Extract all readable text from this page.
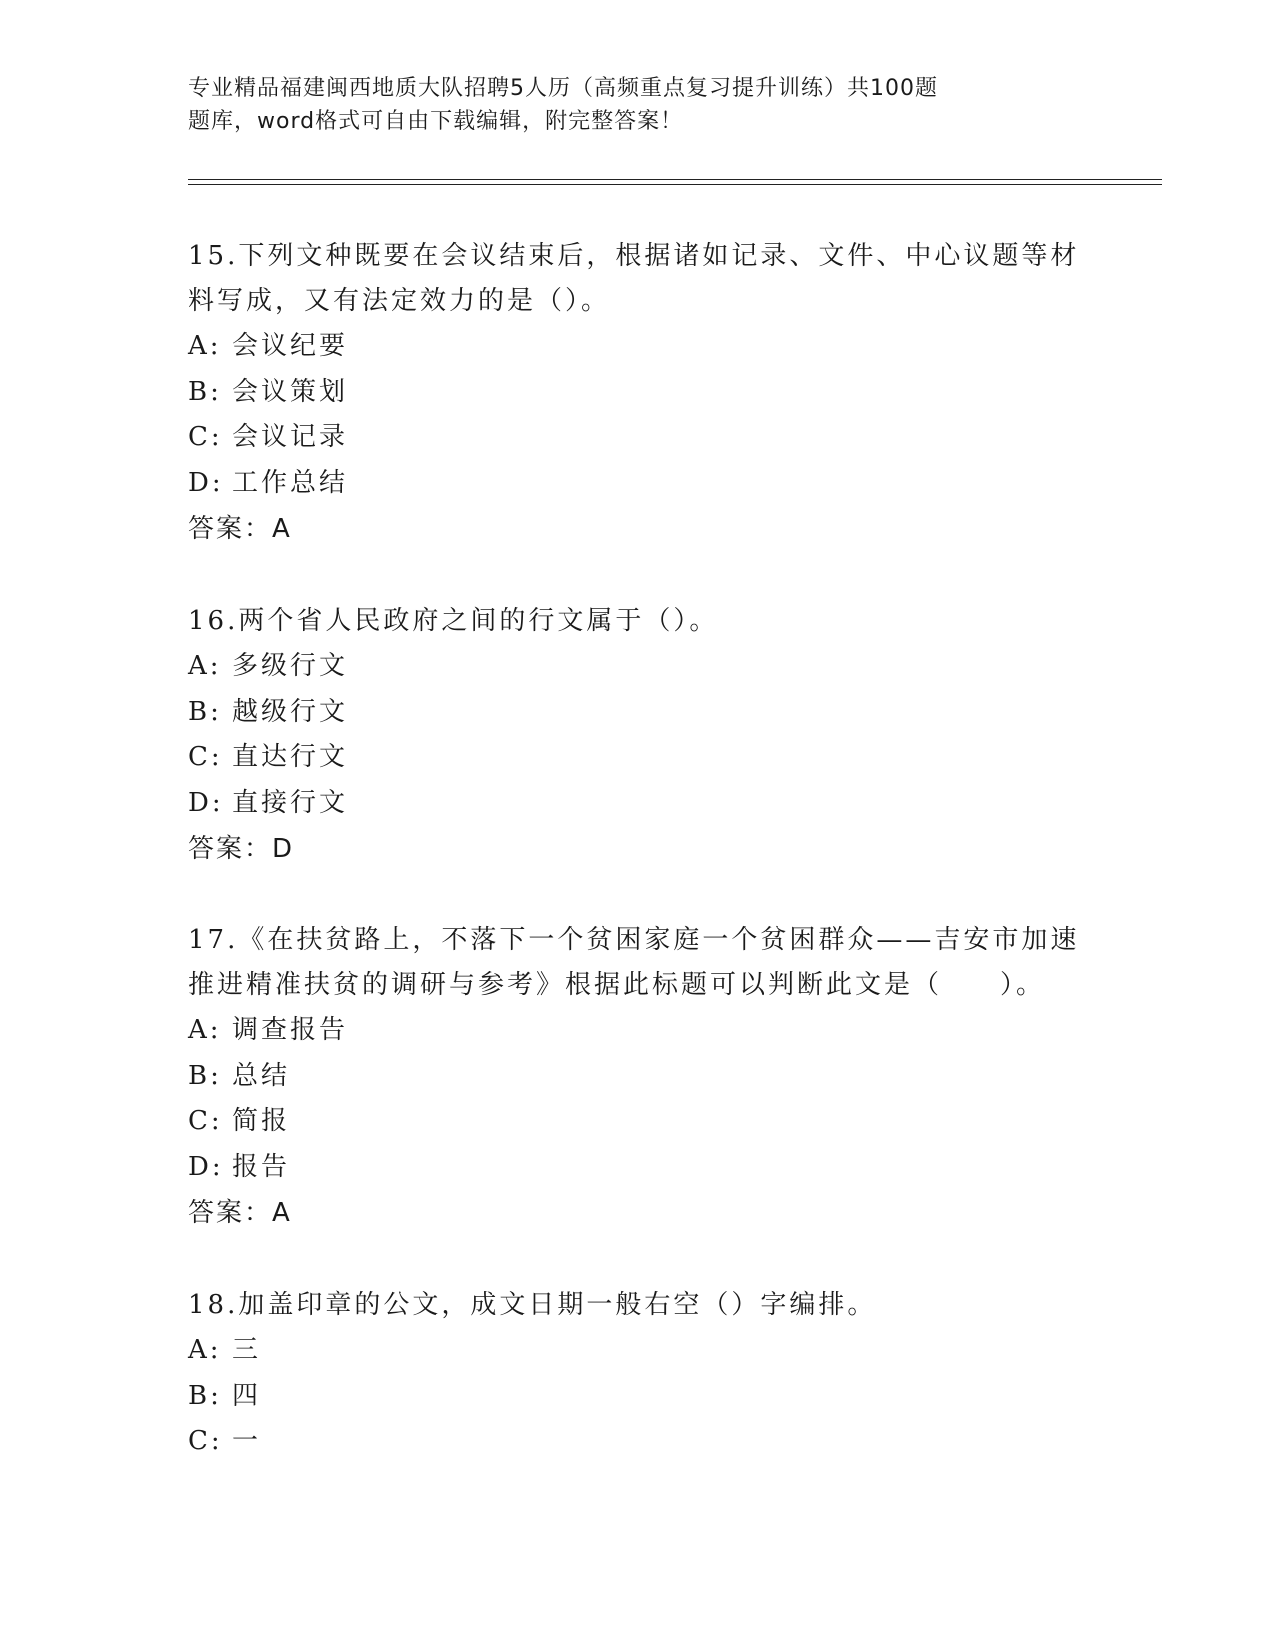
专业精品福建闽西地质大队招聘5人历（高频重点复习提升训练）共100题
题库，word格式可自由下载编辑，附完整答案！
15.下列文种既要在会议结束后，根据诸如记录、文件、中心议题等材
料写成，又有法定效力的是（）。
A: 会议纪要
B: 会议策划
C: 会议记录
D: 工作总结
答案：A
16.两个省人民政府之间的行文属于（）。
A: 多级行文
B: 越级行文
C: 直达行文
D: 直接行文
答案：D
17.《在扶贫路上，不落下一个贫困家庭一个贫困群众——吉安市加速
推进精准扶贫的调研与参考》根据此标题可以判断此文是（　　）。
A: 调查报告
B: 总结
C: 简报
D: 报告
答案：A
18.加盖印章的公文，成文日期一般右空（）字编排。
A: 三
B: 四
C: 一
